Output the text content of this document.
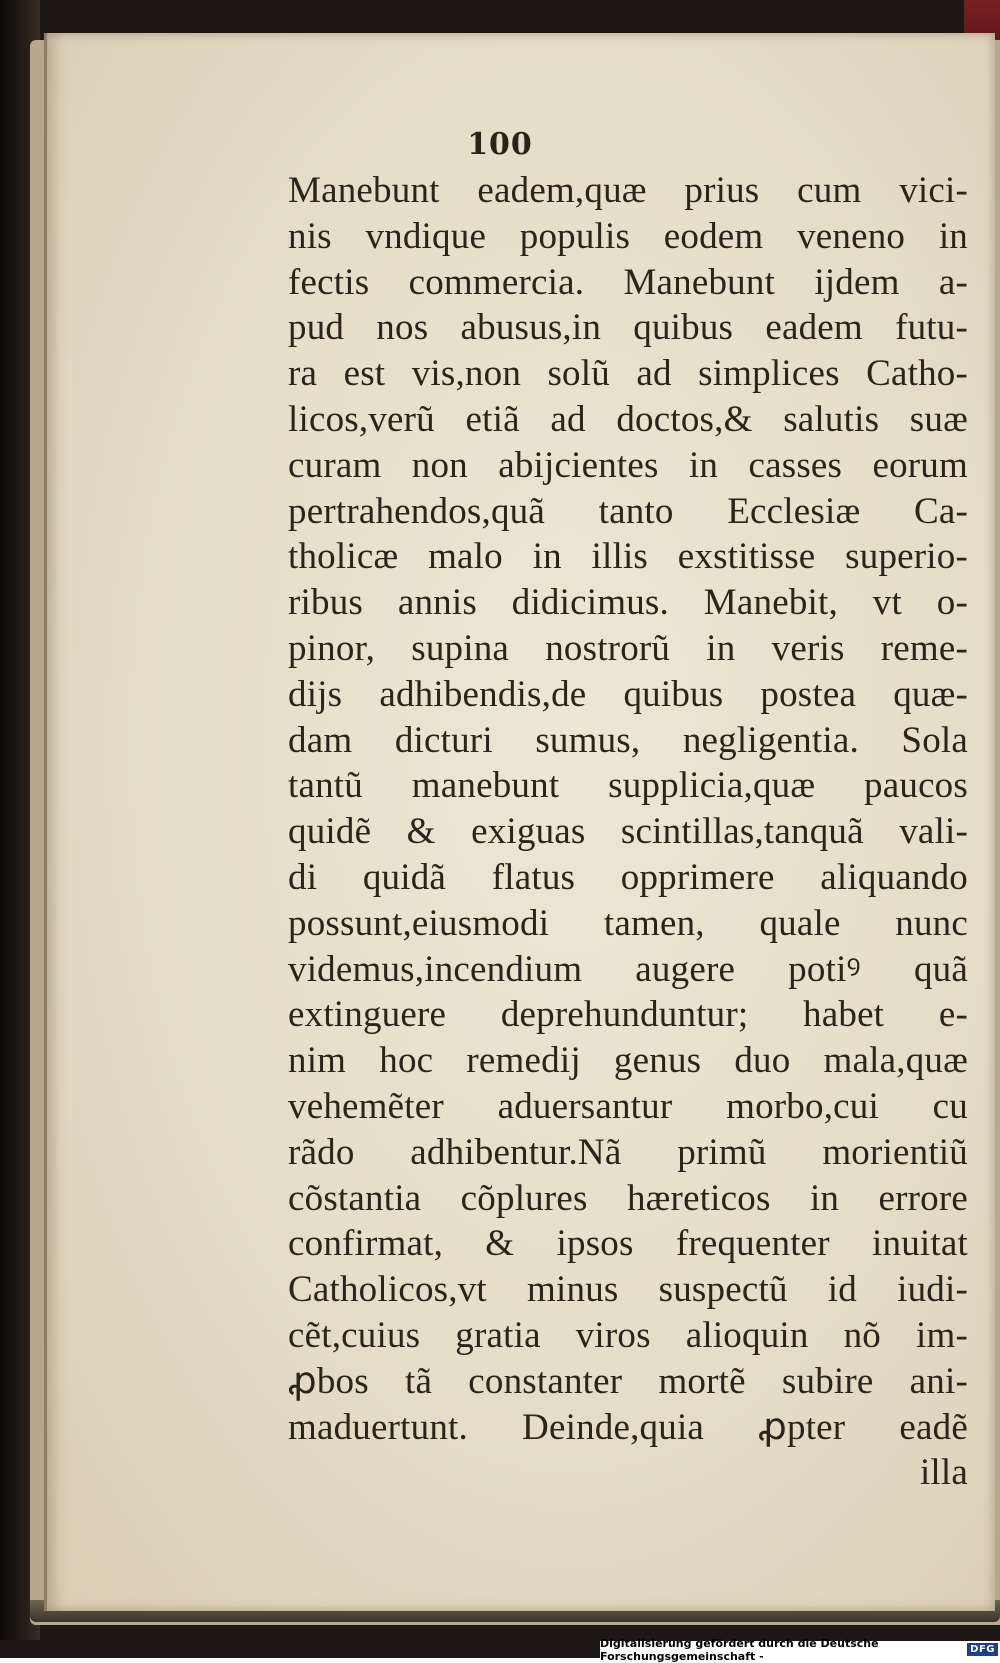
100
Manebunt eadem,quæ prius cum vici-
nis vndique populis eodem veneno in
fectis commercia. Manebunt ijdem a-
pud nos abusus,in quibus eadem futu-
ra est vis,non solũ ad simplices Catho-
licos,verũ etiã ad doctos,& salutis suæ
curam non abijcientes in casses eorum
pertrahendos,quã tanto Ecclesiæ Ca-
tholicæ malo in illis exstitisse superio-
ribus annis didicimus. Manebit, vt o-
pinor, supina nostrorũ in veris reme-
dijs adhibendis,de quibus postea quæ-
dam dicturi sumus, negligentia. Sola
tantũ manebunt supplicia,quæ paucos
quidẽ & exiguas scintillas,tanquã vali-
di quidã flatus opprimere aliquando
possunt,eiusmodi tamen, quale nunc
videmus,incendium augere potiꝰ quã
extinguere deprehunduntur; habet e-
nim hoc remedij genus duo mala,quæ
vehemẽter aduersantur morbo,cui cu
rãdo adhibentur.Nã primũ morientiũ
cõstantia cõplures hæreticos in errore
confirmat, & ipsos frequenter inuitat
Catholicos,vt minus suspectũ id iudi-
cẽt,cuius gratia viros alioquin nõ im-
ꝓbos tã constanter mortẽ subire ani-
maduertunt. Deinde,quia ꝓpter eadẽ
illa
Digitalisierung gefördert durch die Deutsche Forschungsgemeinschaft -	DFG
